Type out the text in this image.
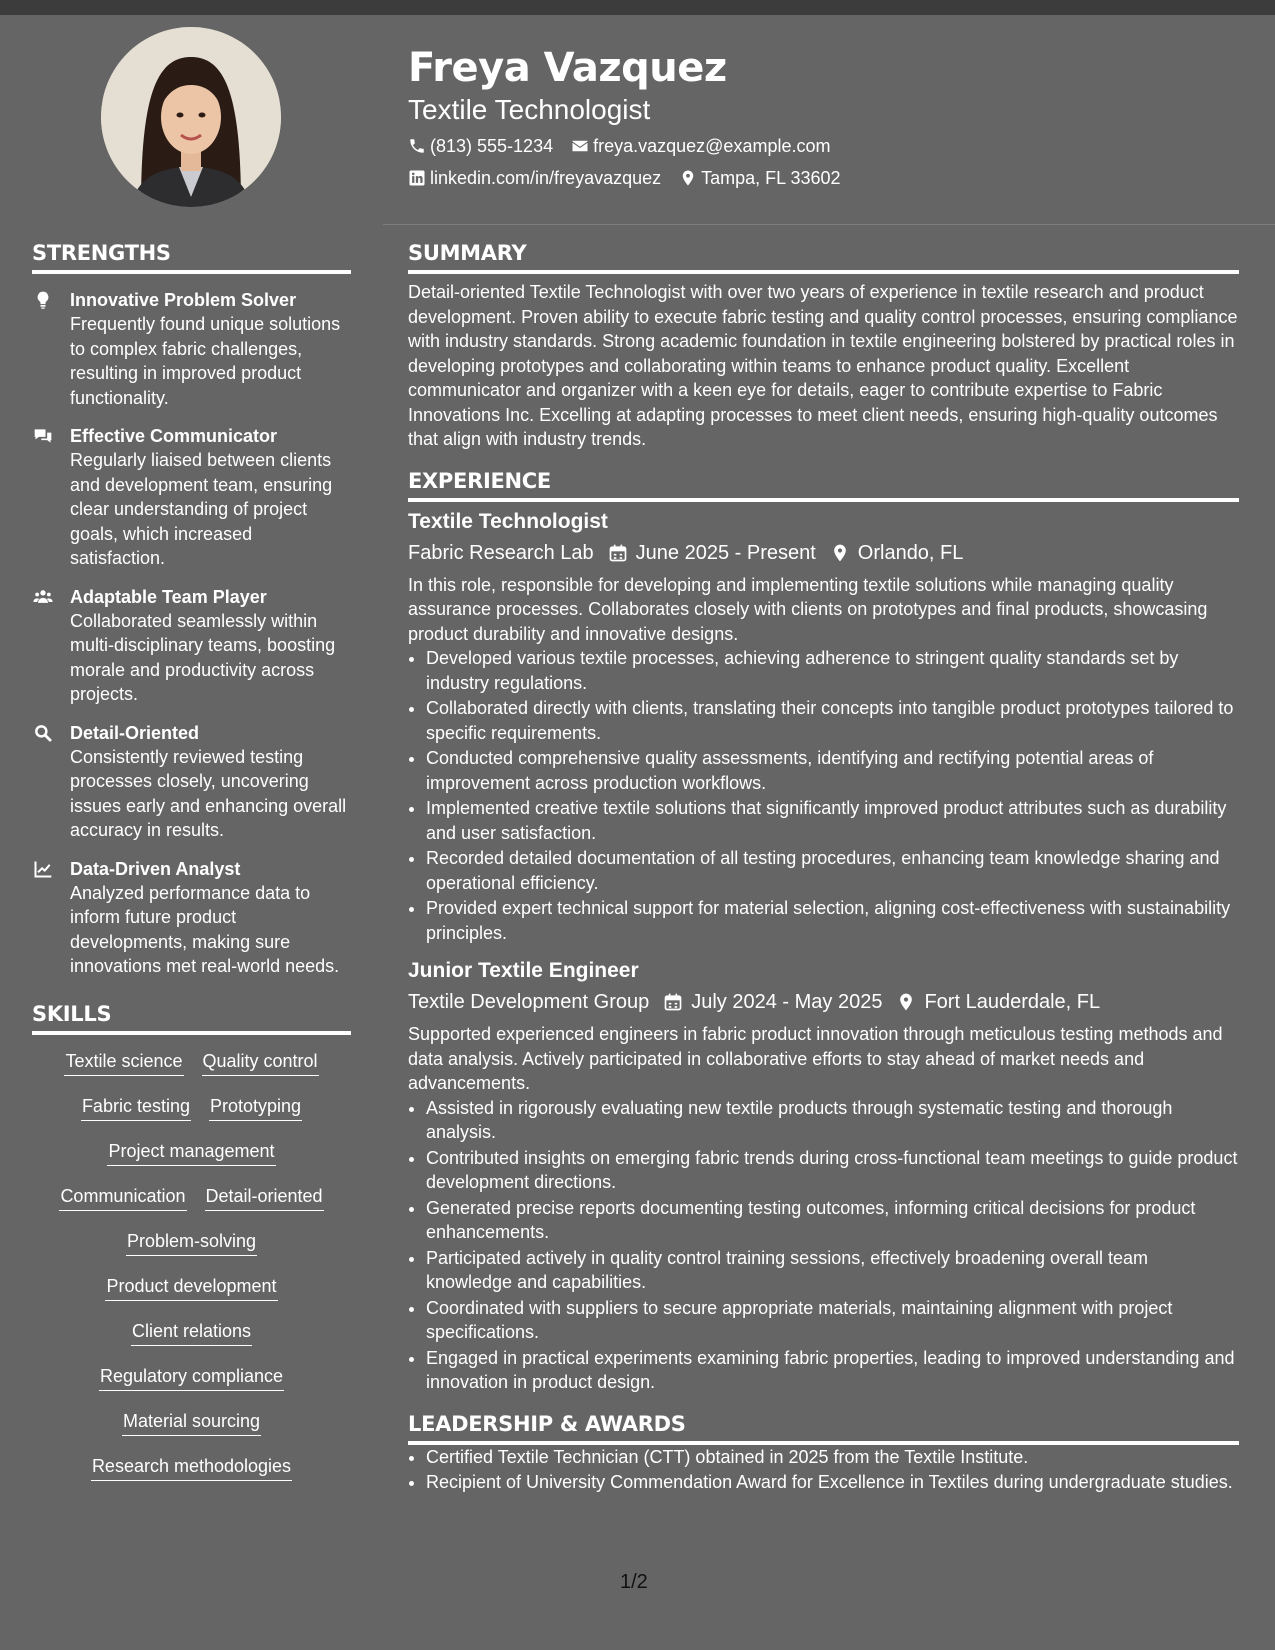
Freya Vazquez
Textile Technologist
(813) 555-1234 freya.vazquez@example.com
linkedin.com/in/freyavazquez Tampa, FL 33602
STRENGTHS
Innovative Problem Solver
Frequently found unique solutions to complex fabric challenges, resulting in improved product functionality.
Effective Communicator
Regularly liaised between clients and development team, ensuring clear understanding of project goals, which increased satisfaction.
Adaptable Team Player
Collaborated seamlessly within multi-disciplinary teams, boosting morale and productivity across projects.
Detail-Oriented
Consistently reviewed testing processes closely, uncovering issues early and enhancing overall accuracy in results.
Data-Driven Analyst
Analyzed performance data to inform future product developments, making sure innovations met real-world needs.
SKILLS
Textile science Quality control
Fabric testing Prototyping
Project management
Communication Detail-oriented
Problem-solving
Product development
Client relations
Regulatory compliance
Material sourcing
Research methodologies
SUMMARY

Detail-oriented Textile Technologist with over two years of experience in textile research and product development. Proven ability to execute fabric testing and quality control processes, ensuring compliance with industry standards. Strong academic foundation in textile engineering bolstered by practical roles in developing prototypes and collaborating within teams to enhance product quality. Excellent communicator and organizer with a keen eye for details, eager to contribute expertise to Fabric Innovations Inc. Excelling at adapting processes to meet client needs, ensuring high-quality outcomes that align with industry trends.

EXPERIENCE
Textile Technologist
Fabric Research Lab June 2025 - Present Orlando, FL

In this role, responsible for developing and implementing textile solutions while managing quality assurance processes. Collaborates closely with clients on prototypes and final products, showcasing product durability and innovative designs.

• Developed various textile processes, achieving adherence to stringent quality standards set by industry regulations.
• Collaborated directly with clients, translating their concepts into tangible product prototypes tailored to specific requirements.
• Conducted comprehensive quality assessments, identifying and rectifying potential areas of improvement across production workflows.
• Implemented creative textile solutions that significantly improved product attributes such as durability and user satisfaction.
• Recorded detailed documentation of all testing procedures, enhancing team knowledge sharing and operational efficiency.
• Provided expert technical support for material selection, aligning cost-effectiveness with sustainability principles.
Junior Textile Engineer
Textile Development Group July 2024 - May 2025 Fort Lauderdale, FL

Supported experienced engineers in fabric product innovation through meticulous testing methods and data analysis. Actively participated in collaborative efforts to stay ahead of market needs and advancements.

• Assisted in rigorously evaluating new textile products through systematic testing and thorough analysis.
• Contributed insights on emerging fabric trends during cross-functional team meetings to guide product development directions.
• Generated precise reports documenting testing outcomes, informing critical decisions for product enhancements.
• Participated actively in quality control training sessions, effectively broadening overall team knowledge and capabilities.
• Coordinated with suppliers to secure appropriate materials, maintaining alignment with project specifications.
• Engaged in practical experiments examining fabric properties, leading to improved understanding and innovation in product design.
LEADERSHIP & AWARDS
• Certified Textile Technician (CTT) obtained in 2025 from the Textile Institute.
• Recipient of University Commendation Award for Excellence in Textiles during undergraduate studies.
1/2
